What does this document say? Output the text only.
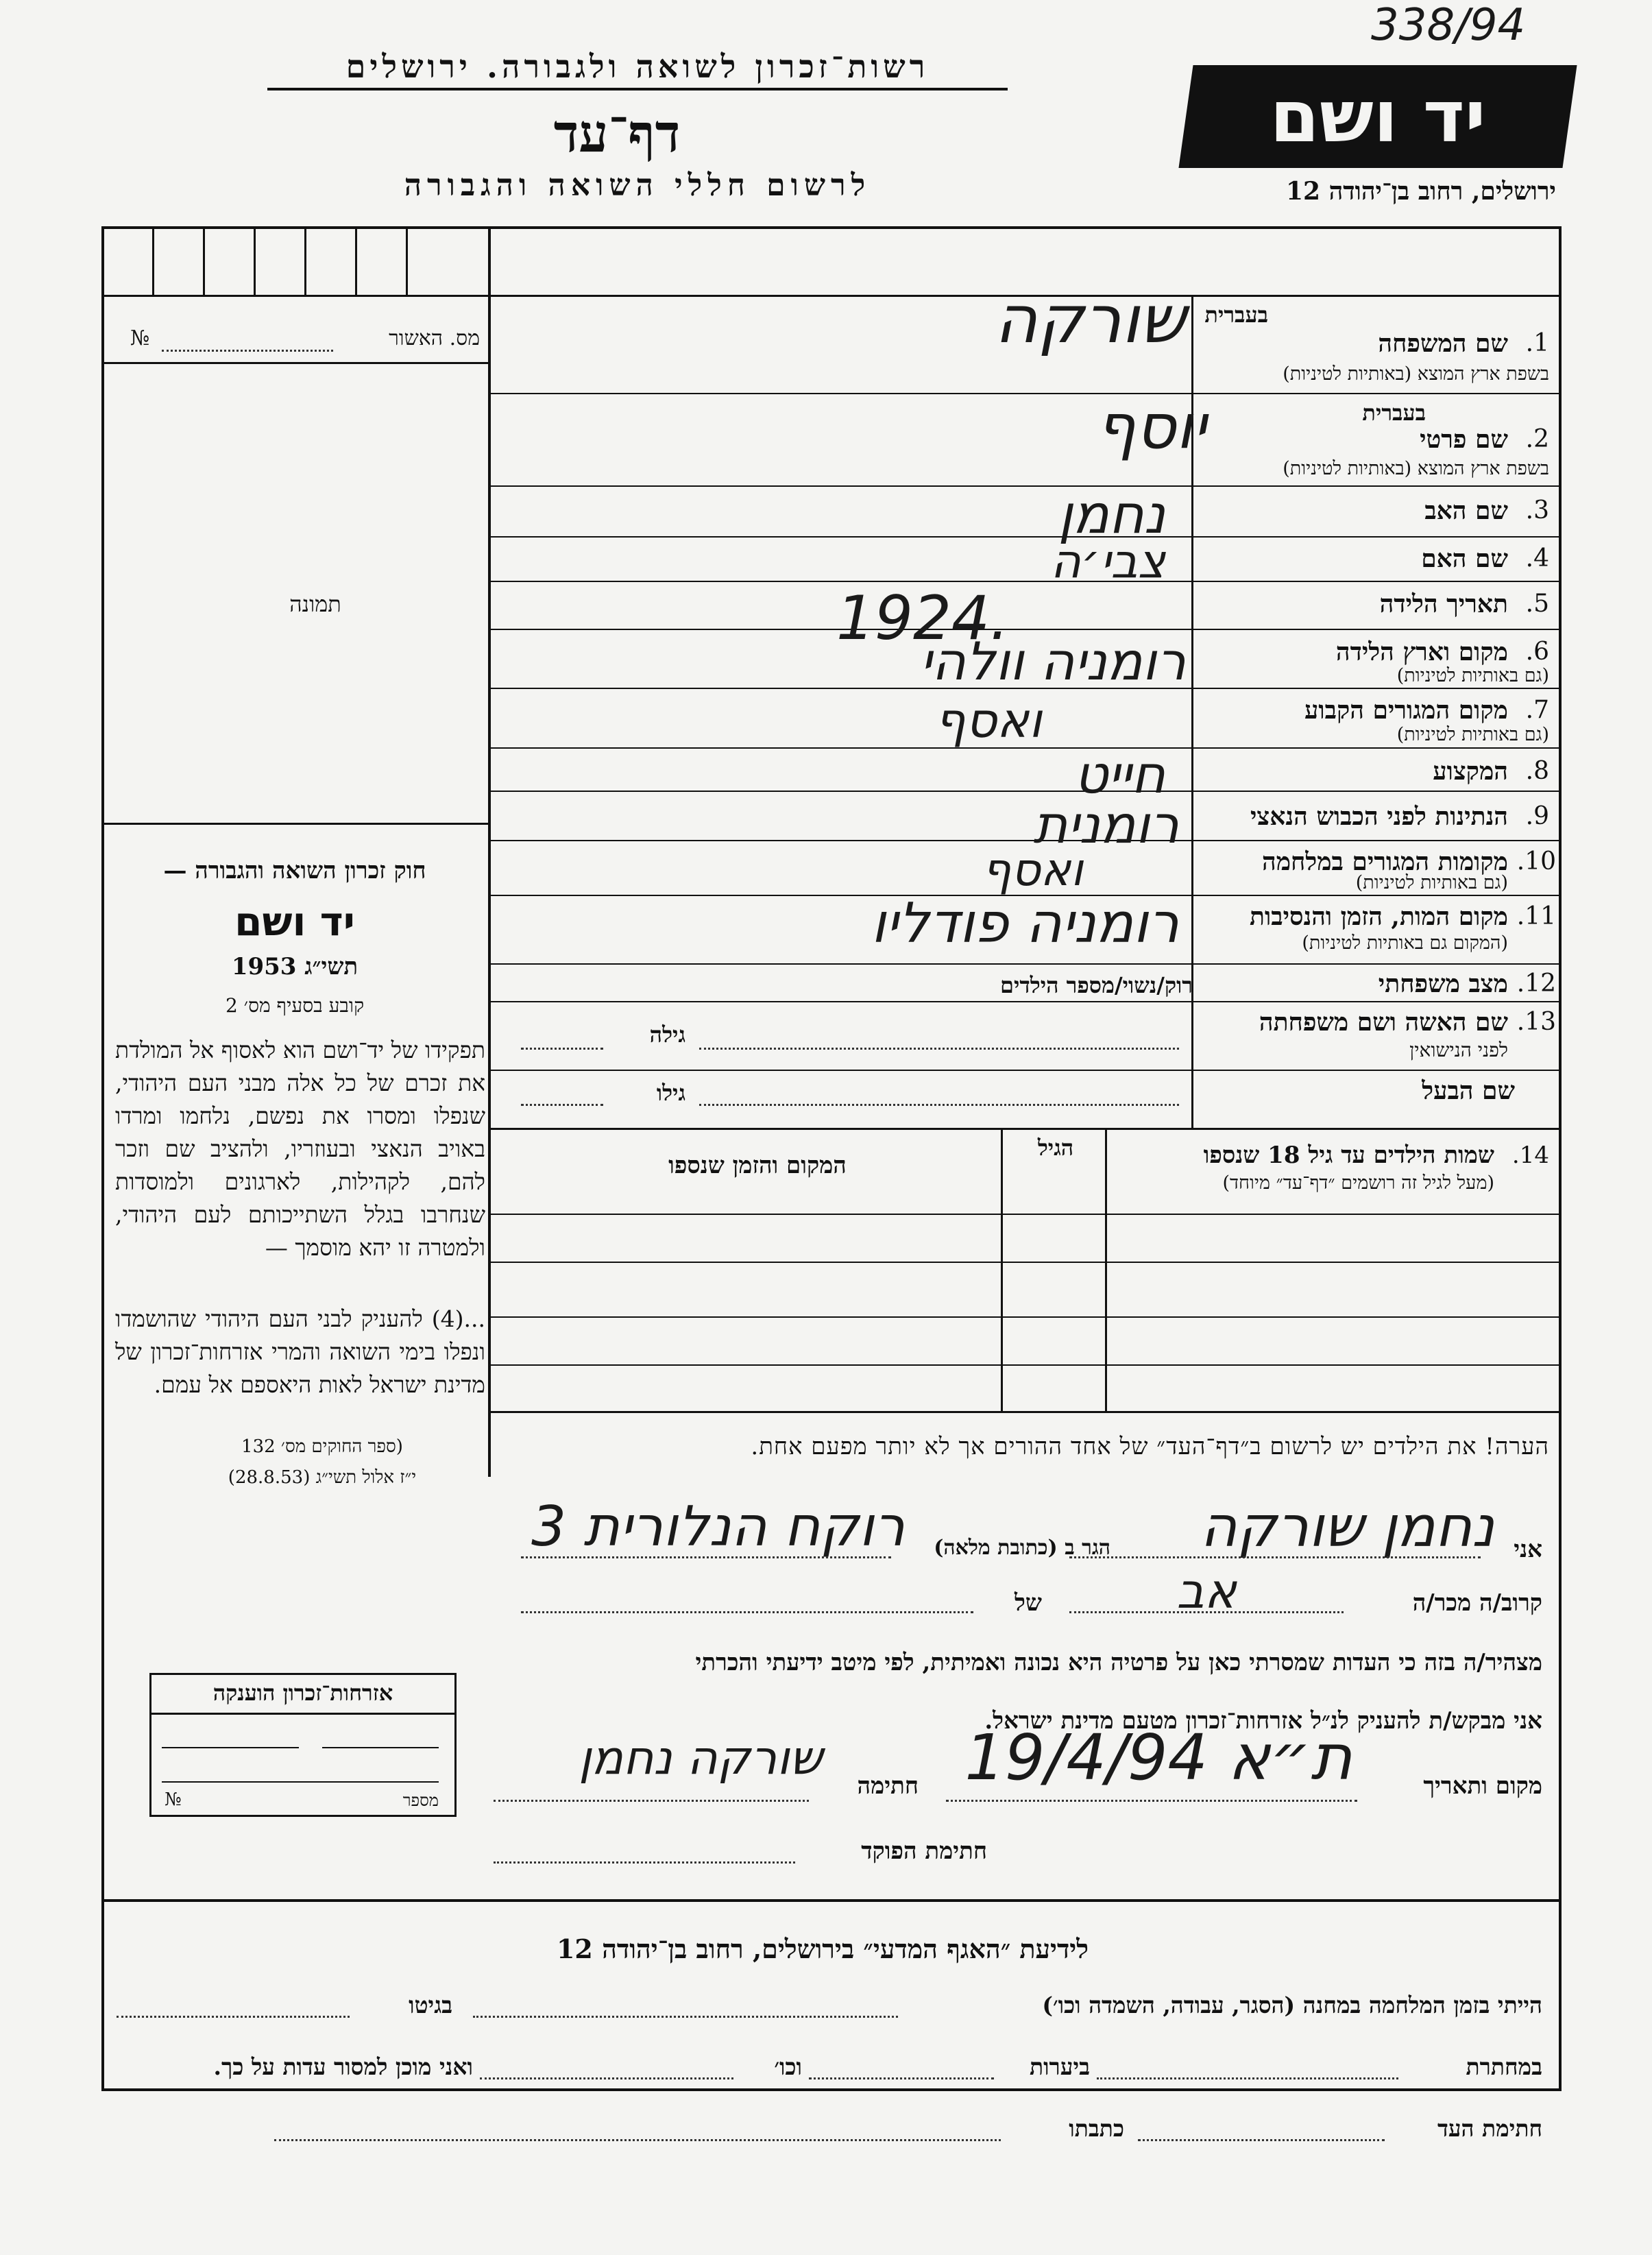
338/94
רשות־זכרון לשואה ולגבורה. ירושלים
דף־עד
לרשום חללי השואה והגבורה
יד ושם
ירושלים, רחוב בן־יהודה 12
מס. האשור
№
תמונה
חוק זכרון השואה והגבורה —
יד ושם
תשי״ג 1953
קובע בסעיף מס׳ 2
תפקידו של יד־ושם הוא לאסוף אל המולדת את זכרם של כל אלה מבני העם היהודי, שנפלו ומסרו את נפשם, נלחמו ומרדו באויב הנאצי ובעוזריו, ולהציב שם וזכר להם, לקהילות, לארגונים ולמוסדות שנחרבו בגלל השתייכותם לעם היהודי, ולמטרה זו יהא מוסמך —
...(4) להעניק לבני העם היהודי שהושמדו ונפלו בימי השואה והמרי אזרחות־זכרון של מדינת ישראל לאות היאספם אל עמם.
(ספר החוקים מס׳ 132
י״ז אלול תשי״ג (28.8.53)
אזרחות־זכרון הוענקה
מספר
№
1.
שם המשפחה
בעברית
בשפת ארץ המוצא (באותיות לטיניות)
שורקה
2.
שם פרטי
בעברית
בשפת ארץ המוצא (באותיות לטיניות)
יוסף
3.
שם האב
נחמן
4.
שם האם
צבי׳ה
5.
תאריך הלידה
1924.	6.
מקום וארץ הלידה
(גם באותיות לטיניות)
רומניה וולהי
7.
מקום המגורים הקבוע
(גם באותיות לטיניות)
ואסף
8.
המקצוע
חייט
9.
הנתינות לפני הכבוש הנאצי
רומנית
10.
מקומות המגורים במלחמה
(גם באותיות לטיניות)
ואסף
11.
מקום המות, הזמן והנסיבות
(המקום גם באותיות לטיניות)
רומניה פודליו
12.
מצב משפחתי
רוק/נשוי/מספר הילדים
13.
שם האשה ושם משפחתה
לפני הנישואין
גילה
שם הבעל
גילו
14.
שמות הילדים עד גיל 18 שנספו
(מעל לגיל זה רושמים ״דף־עד״ מיוחד)
הגיל
המקום והזמן שנספו
הערה! את הילדים יש לרשום ב״דף־העד״ של אחד ההורים אך לא יותר מפעם אחת.
אני
נחמן שורקה
הגר ב (כתובת מלאה)
רוקח הנלורית 3
קרוב/ה מכר/ה
אב
של
מצהיר/ה בזה כי העדות שמסרתי כאן על פרטיה היא נכונה ואמיתית, לפי מיטב ידיעתי והכרתי
אני מבקש/ת להעניק לנ״ל אזרחות־זכרון מטעם מדינת ישראל.
מקום ותאריך
ת״א 19/4/94
חתימה
שורקה נחמן
חתימת הפוקד
לידיעת ״האגף המדעי״ בירושלים, רחוב בן־יהודה 12
הייתי בזמן המלחמה במחנה (הסגר, עבודה, השמדה וכו׳)
בגיטו
במחתרת
ביערות
וכו׳
ואני מוכן למסור עדות על כך.
חתימת העד
כתבתו
